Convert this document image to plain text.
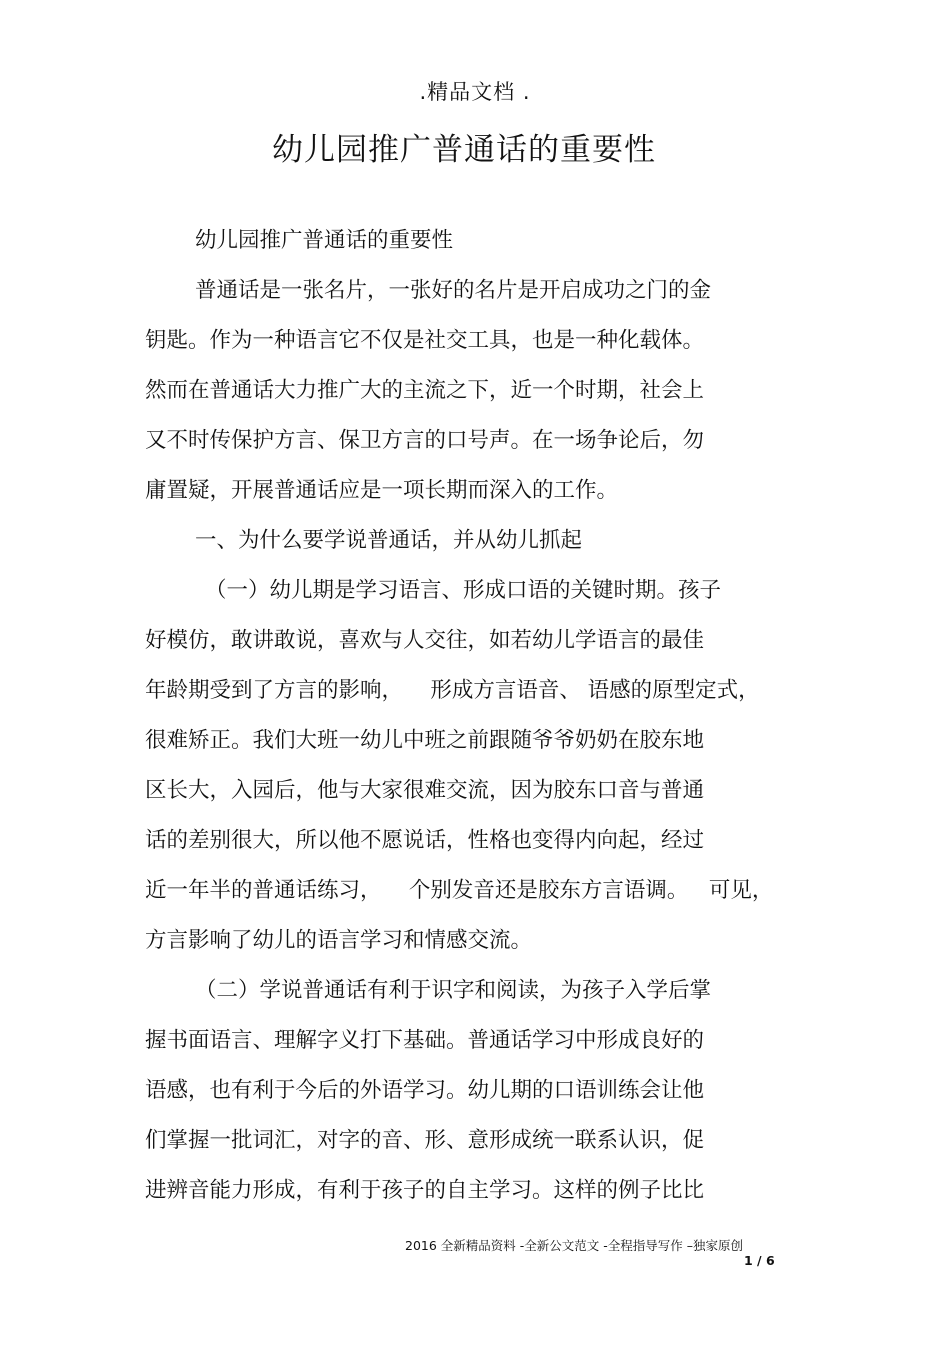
.精品文档 .
幼儿园推广普通话的重要性
幼儿园推广普通话的重要性
普通话是一张名片，一张好的名片是开启成功之门的金
钥匙。作为一种语言它不仅是社交工具，也是一种化载体。
然而在普通话大力推广大的主流之下，近一个时期，社会上
又不时传保护方言、保卫方言的口号声。在一场争论后，勿
庸置疑，开展普通话应是一项长期而深入的工作。
一、为什么要学说普通话，并从幼儿抓起
（一）幼儿期是学习语言、形成口语的关键时期。孩子
好模仿，敢讲敢说，喜欢与人交往，如若幼儿学语言的最佳
年龄期受到了方言的影响，    形成方言语音、 语感的原型定式，
很难矫正。我们大班一幼儿中班之前跟随爷爷奶奶在胶东地
区长大，入园后，他与大家很难交流，因为胶东口音与普通
话的差别很大，所以他不愿说话，性格也变得内向起，经过
近一年半的普通话练习，    个别发音还是胶东方言语调。   可见，
方言影响了幼儿的语言学习和情感交流。
（二）学说普通话有利于识字和阅读，为孩子入学后掌
握书面语言、理解字义打下基础。普通话学习中形成良好的
语感，也有利于今后的外语学习。幼儿期的口语训练会让他
们掌握一批词汇，对字的音、形、意形成统一联系认识，促
进辨音能力形成，有利于孩子的自主学习。这样的例子比比
2016 全新精品资料 -全新公文范文 -全程指导写作 –独家原创
1 / 6
